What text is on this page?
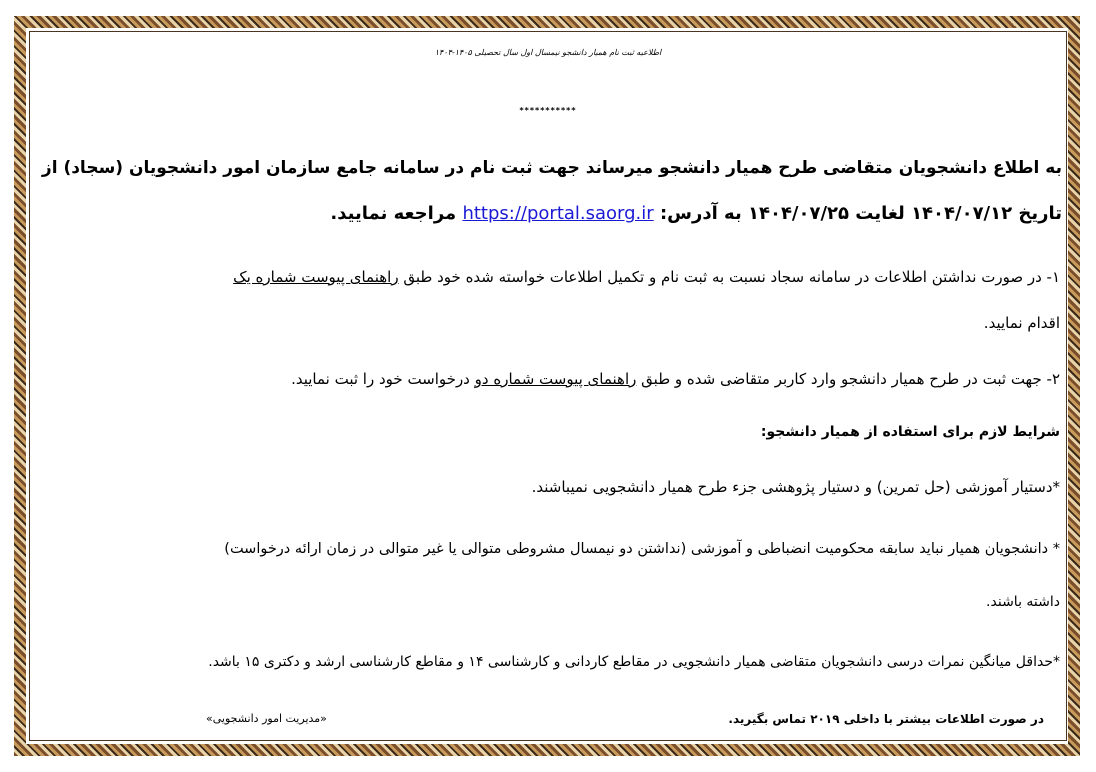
اطلاعیه ثبت نام همیار دانشجو نیمسال اول سال تحصیلی ۱۴۰۵-۱۴۰۴
***********
به اطلاع دانشجویان متقاضی طرح همیار دانشجو میرساند جهت ثبت نام در سامانه جامع سازمان امور دانشجویان (سجاد) از
تاریخ ۱۴۰۴/۰۷/۱۲ لغایت ۱۴۰۴/۰۷/۲۵ به آدرس: https://portal.saorg.ir مراجعه نمایید.
۱- در صورت نداشتن اطلاعات در سامانه سجاد نسبت به ثبت نام و تکمیل اطلاعات خواسته شده خود طبق راهنمای پیوست شماره یک
اقدام نمایید.
۲- جهت ثبت در طرح همیار دانشجو وارد کاربر متقاضی شده و طبق راهنمای پیوست شماره دو درخواست خود را ثبت نمایید.
شرایط لازم برای استفاده از همیار دانشجو:
*دستیار آموزشی (حل تمرین) و دستیار پژوهشی جزء طرح همیار دانشجویی نمیباشند.
* دانشجویان همیار نباید سابقه محکومیت انضباطی و آموزشی (نداشتن دو نیمسال مشروطی متوالی یا غیر متوالی در زمان ارائه درخواست)
داشته باشند.
*حداقل میانگین نمرات درسی دانشجویان متقاضی همیار دانشجویی در مقاطع کاردانی و کارشناسی ۱۴ و مقاطع کارشناسی ارشد و دکتری ۱۵ باشد.
در صورت اطلاعات بیشتر با داخلی ۲۰۱۹ تماس بگیرید.
«مدیریت امور دانشجویی»
